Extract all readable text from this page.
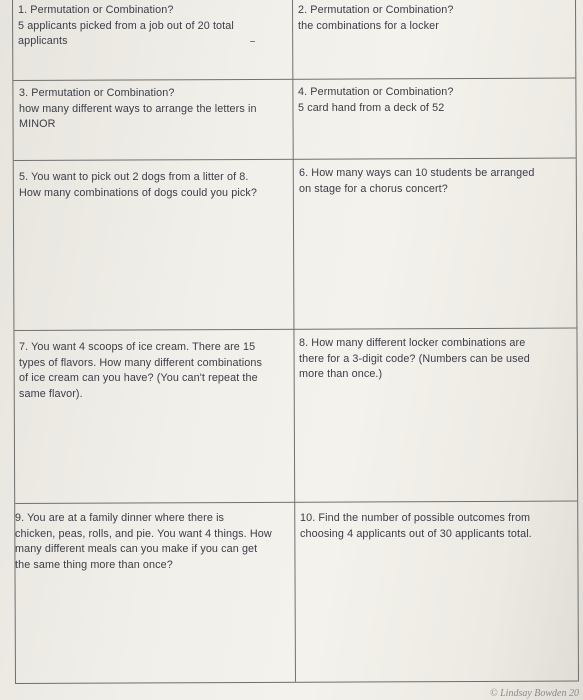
1. Permutation or Combination?
5 applicants picked from a job out of 20 total
applicants
2. Permutation or Combination?
the combinations for a locker
3. Permutation or Combination?
how many different ways to arrange the letters in
MINOR
4. Permutation or Combination?
5 card hand from a deck of 52
5. You want to pick out 2 dogs from a litter of 8.
How many combinations of dogs could you pick?
6. How many ways can 10 students be arranged
on stage for a chorus concert?
7. You want 4 scoops of ice cream. There are 15
types of flavors. How many different combinations
of ice cream can you have? (You can't repeat the
same flavor).
8. How many different locker combinations are
there for a 3-digit code? (Numbers can be used
more than once.)
9. You are at a family dinner where there is
chicken, peas, rolls, and pie. You want 4 things. How
many different meals can you make if you can get
the same thing more than once?
10. Find the number of possible outcomes from
choosing 4 applicants out of 30 applicants total.
© Lindsay Bowden 20
